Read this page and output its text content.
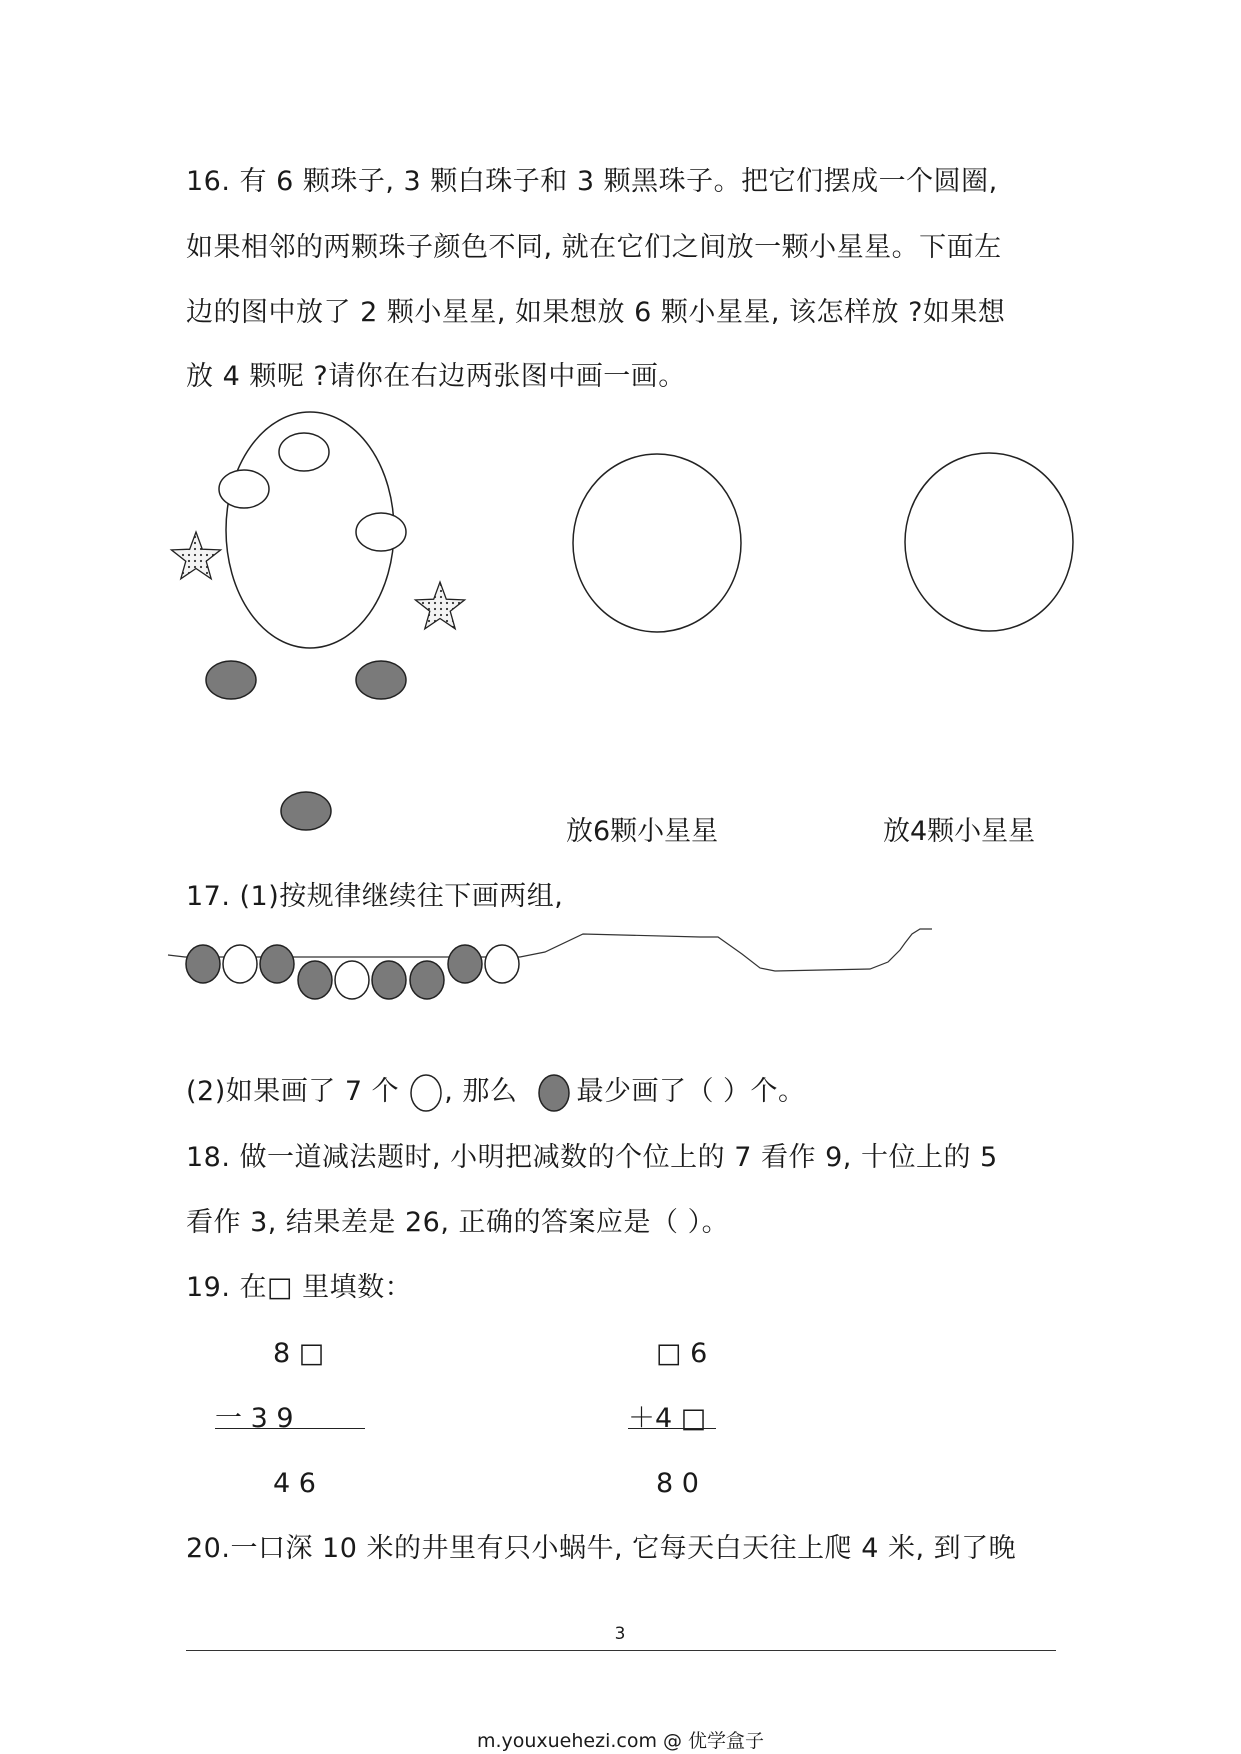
16. 有 6 颗珠子, 3 颗白珠子和 3 颗黑珠子。把它们摆成一个圆圈,
如果相邻的两颗珠子颜色不同, 就在它们之间放一颗小星星。下面左
边的图中放了 2 颗小星星, 如果想放 6 颗小星星, 该怎样放 ?如果想
放 4 颗呢 ?请你在右边两张图中画一画。
放6颗小星星	放4颗小星星
17. (1)按规律继续往下画两组,
(2)如果画了 7 个 , 那么 最少画了（ ）个。
18. 做一道减法题时, 小明把减数的个位上的 7 看作 9, 十位上的 5
看作 3, 结果差是 26, 正确的答案应是（ ）。
19. 在□ 里填数：
8 □
一 3 9
4 6
□ 6
＋4 □
8 0
20.一口深 10 米的井里有只小蜗牛, 它每天白天往上爬 4 米, 到了晚
3
m.youxuehezi.com @ 优学盒子
